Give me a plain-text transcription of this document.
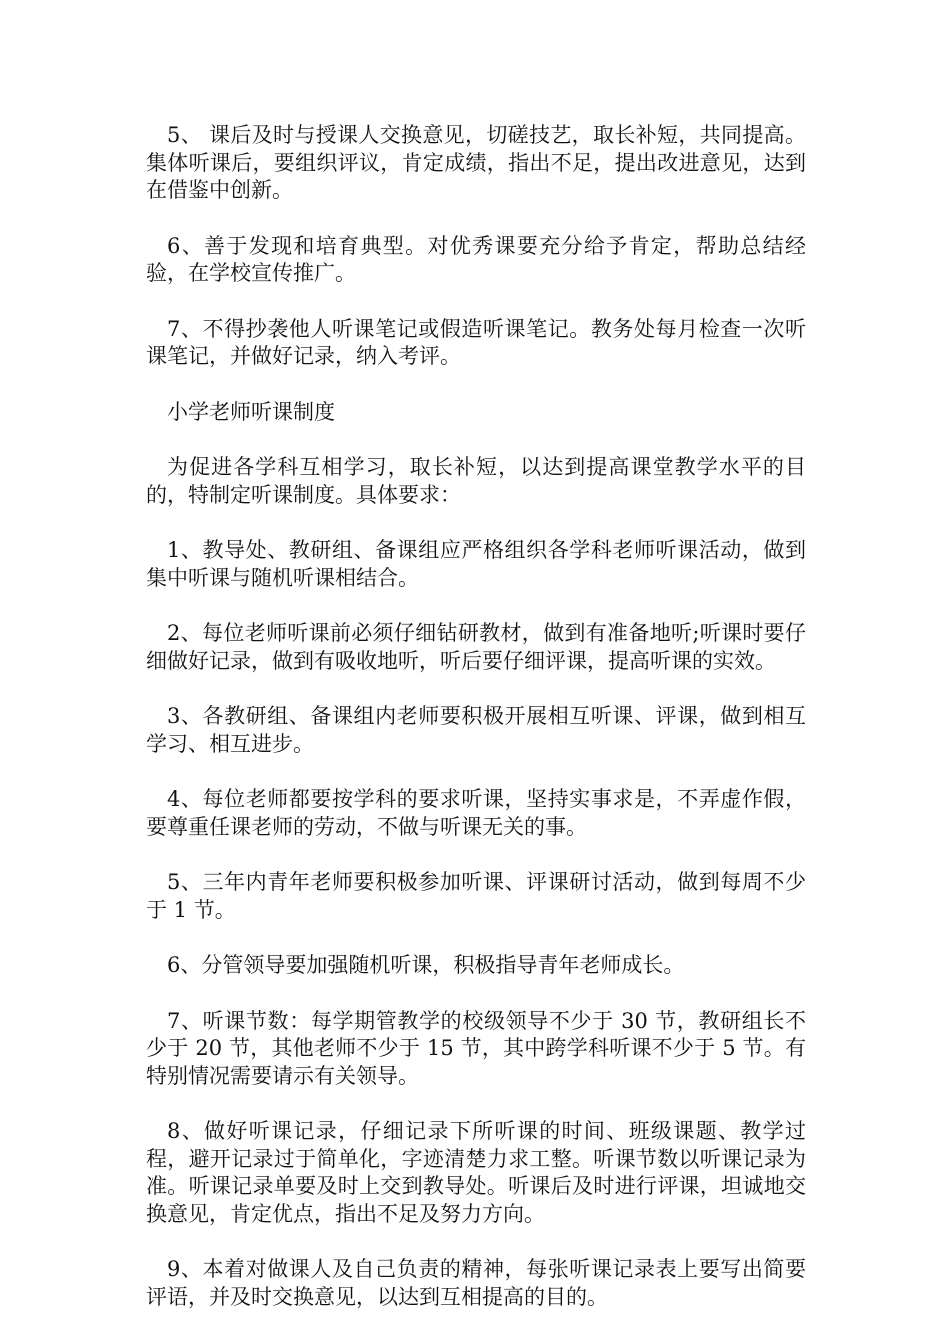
5、 课后及时与授课人交换意见，切磋技艺，取长补短，共同提高。集体听课后，要组织评议，肯定成绩，指出不足，提出改进意见，达到在借鉴中创新。

6、善于发现和培育典型。对优秀课要充分给予肯定，帮助总结经验，在学校宣传推广。

7、不得抄袭他人听课笔记或假造听课笔记。教务处每月检查一次听课笔记，并做好记录，纳入考评。

小学老师听课制度

为促进各学科互相学习，取长补短，以达到提高课堂教学水平的目的，特制定听课制度。具体要求：

1、教导处、教研组、备课组应严格组织各学科老师听课活动，做到集中听课与随机听课相结合。

2、每位老师听课前必须仔细钻研教材，做到有准备地听;听课时要仔细做好记录，做到有吸收地听，听后要仔细评课，提高听课的实效。

3、各教研组、备课组内老师要积极开展相互听课、评课，做到相互学习、相互进步。

4、每位老师都要按学科的要求听课，坚持实事求是，不弄虚作假，要尊重任课老师的劳动，不做与听课无关的事。

5、三年内青年老师要积极参加听课、评课研讨活动，做到每周不少于 1 节。

6、分管领导要加强随机听课，积极指导青年老师成长。

7、听课节数：每学期管教学的校级领导不少于 30 节，教研组长不少于 20 节，其他老师不少于 15 节，其中跨学科听课不少于 5 节。有特别情况需要请示有关领导。

8、做好听课记录，仔细记录下所听课的时间、班级课题、教学过程，避开记录过于简单化，字迹清楚力求工整。听课节数以听课记录为准。听课记录单要及时上交到教导处。听课后及时进行评课，坦诚地交换意见，肯定优点，指出不足及努力方向。

9、本着对做课人及自己负责的精神，每张听课记录表上要写出简要评语，并及时交换意见，以达到互相提高的目的。
